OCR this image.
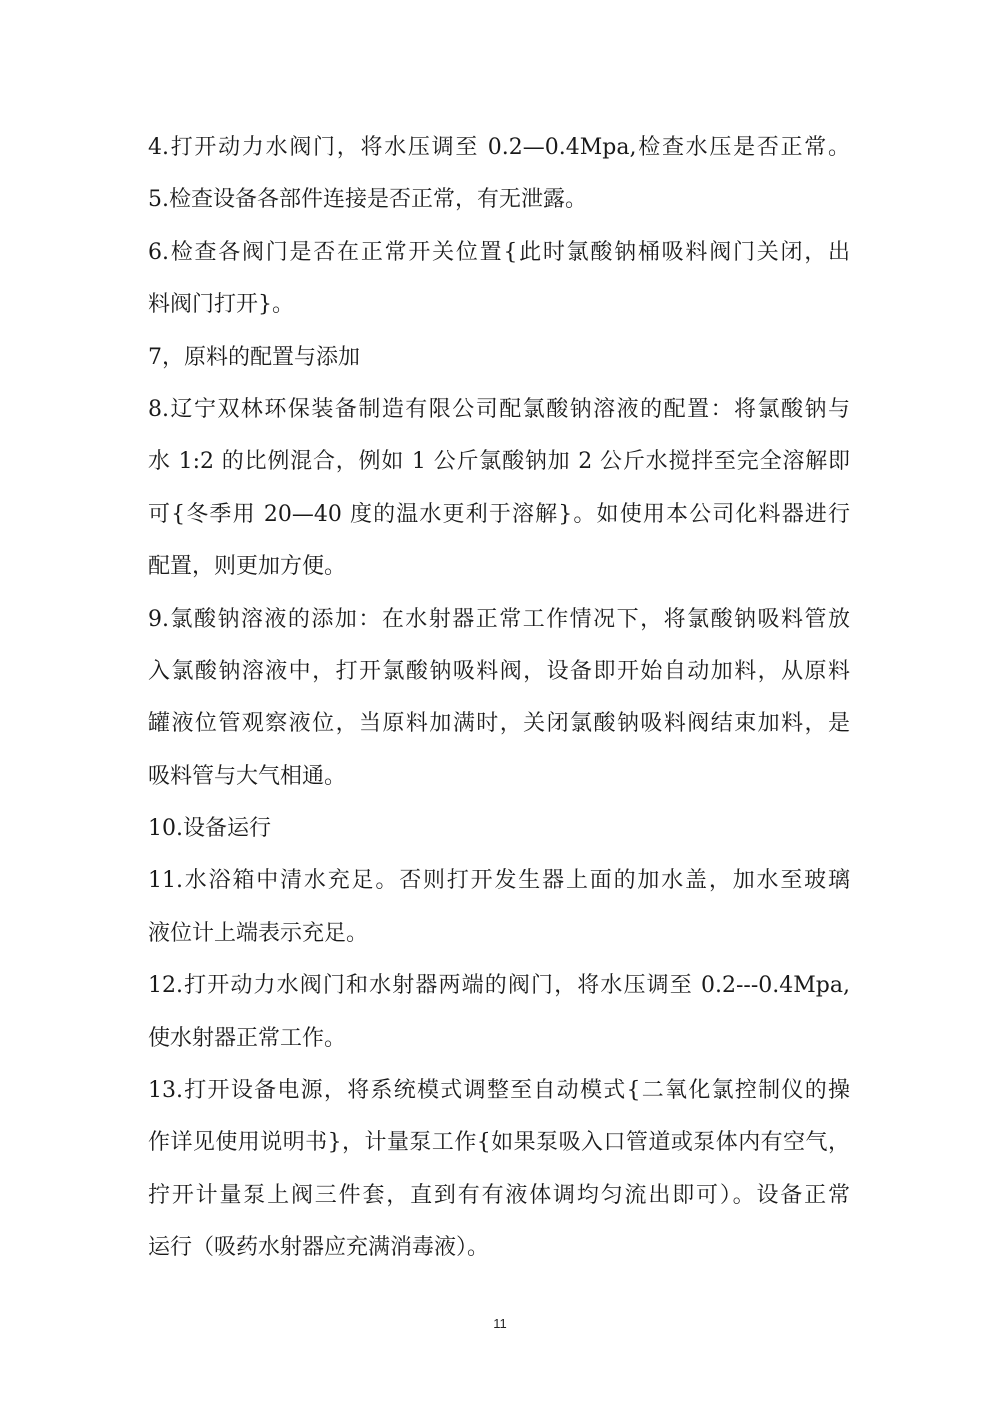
4.打开动力水阀门，将水压调至 0.2—0.4Mpa,检查水压是否正常。
5.检查设备各部件连接是否正常，有无泄露。
6.检查各阀门是否在正常开关位置{此时氯酸钠桶吸料阀门关闭，出
料阀门打开}。
7，原料的配置与添加
8.辽宁双林环保装备制造有限公司配氯酸钠溶液的配置：将氯酸钠与
水 1:2 的比例混合，例如 1 公斤氯酸钠加 2 公斤水搅拌至完全溶解即
可{冬季用 20—40 度的温水更利于溶解}。如使用本公司化料器进行
配置，则更加方便。
9.氯酸钠溶液的添加：在水射器正常工作情况下，将氯酸钠吸料管放
入氯酸钠溶液中，打开氯酸钠吸料阀，设备即开始自动加料，从原料
罐液位管观察液位，当原料加满时，关闭氯酸钠吸料阀结束加料，是
吸料管与大气相通。
10.设备运行
11.水浴箱中清水充足。否则打开发生器上面的加水盖，加水至玻璃
液位计上端表示充足。
12.打开动力水阀门和水射器两端的阀门，将水压调至 0.2---0.4Mpa,
使水射器正常工作。
13.打开设备电源，将系统模式调整至自动模式{二氧化氯控制仪的操
作详见使用说明书}，计量泵工作{如果泵吸入口管道或泵体内有空气，
拧开计量泵上阀三件套，直到有有液体调均匀流出即可）。设备正常
运行（吸药水射器应充满消毒液）。
11
